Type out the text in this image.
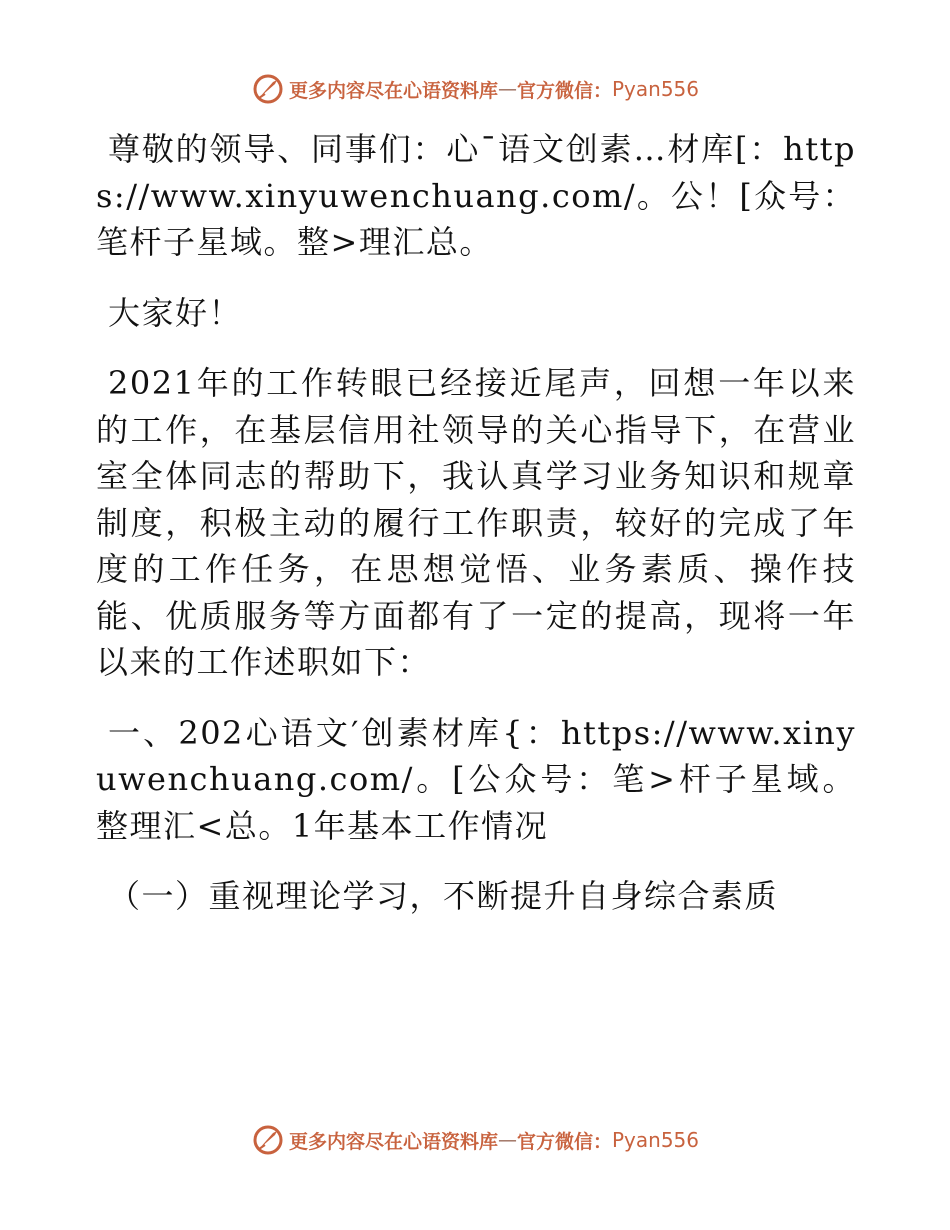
更多内容尽在心语资料库 — 官方微信： Pyan556

尊敬的领导、同事们：心¯语文创素…材库[：https://www.xinyuwenchuang.com/。公！[众号：笔杆子星域。整>理汇总。

大家好！

2021年的工作转眼已经接近尾声，回想一年以来的工作，在基层信用社领导的关心指导下，在营业室全体同志的帮助下，我认真学习业务知识和规章制度，积极主动的履行工作职责，较好的完成了年度的工作任务，在思想觉悟、业务素质、操作技能、优质服务等方面都有了一定的提高，现将一年以来的工作述职如下：

一、202心语文′创素材库{：https://www.xinyuwenchuang.com/。[公众号：笔>杆子星域。整理汇<总。1年基本工作情况

（一）重视理论学习，不断提升自身综合素质

更多内容尽在心语资料库 — 官方微信： Pyan556
